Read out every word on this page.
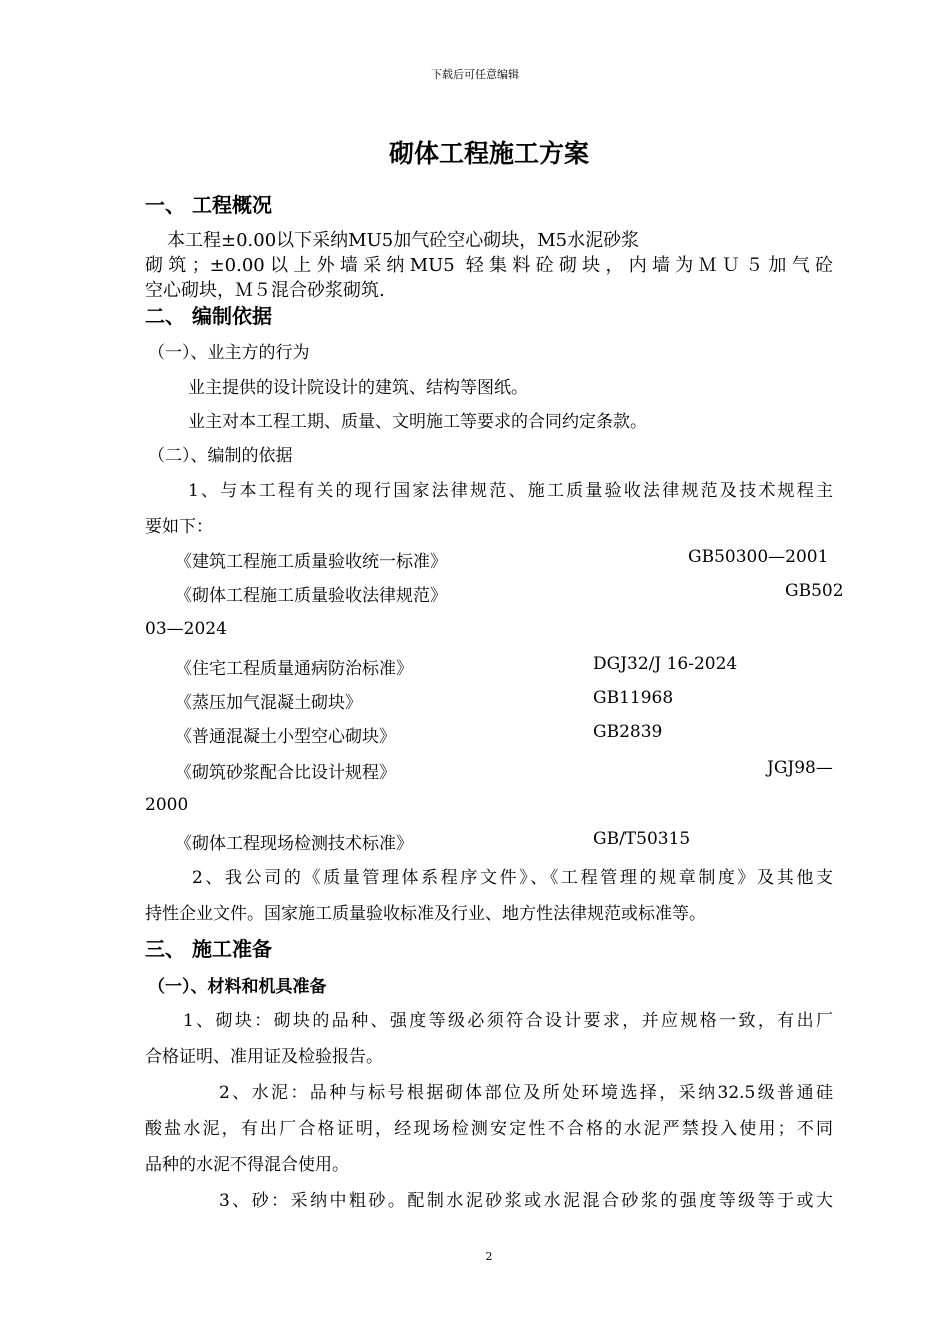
下载后可任意编辑
砌体工程施工方案
一、 工程概况
本工程±0.00以下采纳MU5加气砼空心砌块，M5水泥砂浆
砌筑；±0.00以上外墙采纳MU5 轻集料砼砌块，内墙为ＭＵ５加气砼
空心砌块，Ｍ５混合砂浆砌筑.
二、 编制依据
（一）、业主方的行为
业主提供的设计院设计的建筑、结构等图纸。
业主对本工程工期、质量、文明施工等要求的合同约定条款。
（二）、编制的依据
1、与本工程有关的现行国家法律规范、施工质量验收法律规范及技术规程主
要如下：
《建筑工程施工质量验收统一标准》	GB50300—2001
《砌体工程施工质量验收法律规范》	GB502
03—2024
《住宅工程质量通病防治标准》	DGJ32/J 16-2024
《蒸压加气混凝土砌块》	GB11968
《普通混凝土小型空心砌块》	GB2839
《砌筑砂浆配合比设计规程》	JGJ98—
2000
《砌体工程现场检测技术标准》	GB/T50315
2、我公司的《质量管理体系程序文件》、《工程管理的规章制度》及其他支
持性企业文件。国家施工质量验收标准及行业、地方性法律规范或标准等。
三、 施工准备
（一）、材料和机具准备
1、砌块：砌块的品种、强度等级必须符合设计要求，并应规格一致，有出厂
合格证明、准用证及检验报告。
2、水泥：品种与标号根据砌体部位及所处环境选择，采纳32.5级普通硅
酸盐水泥，有出厂合格证明，经现场检测安定性不合格的水泥严禁投入使用；不同
品种的水泥不得混合使用。
3、砂：采纳中粗砂。配制水泥砂浆或水泥混合砂浆的强度等级等于或大
2
